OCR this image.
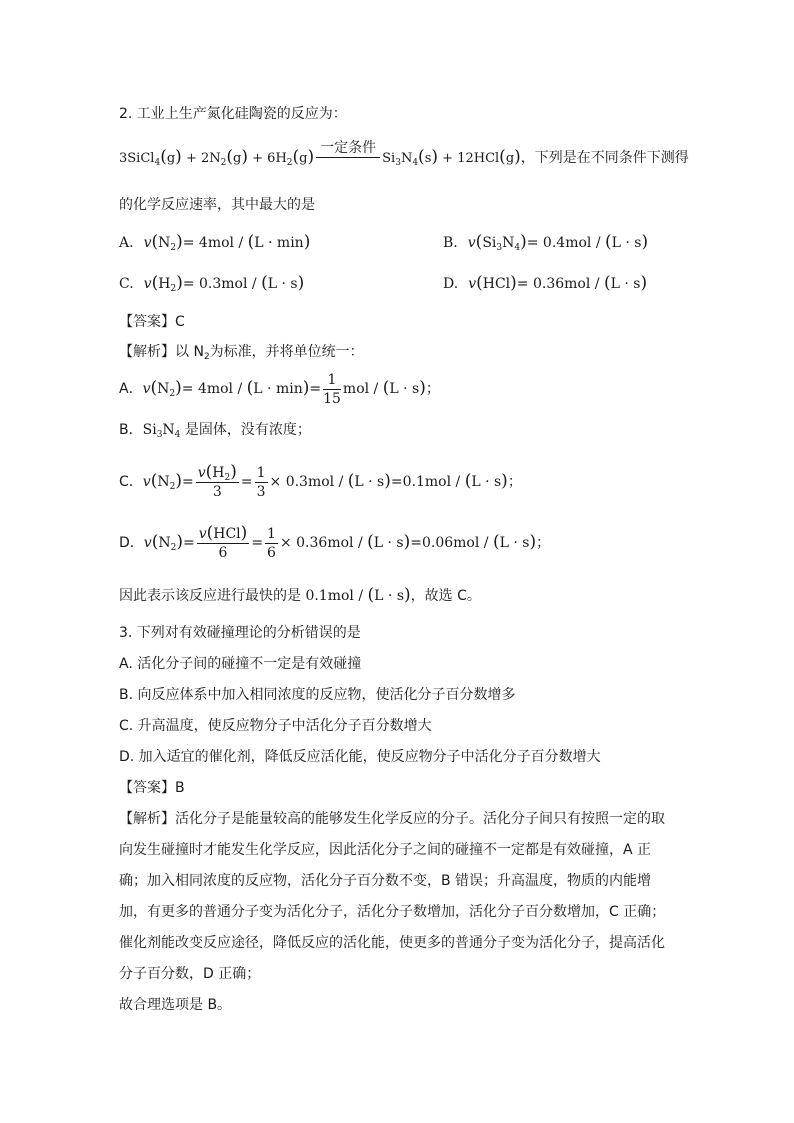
2. 工业上生产氮化硅陶瓷的反应为：
3SiCl$_4$(g) + $2N_2(g) + 6H_2(g)$ 一定条件
$Si_3N_4(s) + 12HCl(g)$，下列是在不同条件下测得
的化学反应速率，其中最大的是
A. $v(N_2)= 4mol / (L \cdot \min)$	B. $v(Si_3N_4)= 0.4mol / (L \cdot s)$
C. $v(H_2)= 0.3mol / (L \cdot s)$	D. v(HCl)= 0.36mol / (L · s)
【答案】C
【解析】以 $N_2$为标准，并将单位统一：
A．$v(N_2)= 4mol / (L \cdot \min)= \frac{1}{15}$ mol / (L · s)；
B．$Si_3N_4$ 是固体，没有浓度；
C．$v(N_2)= \frac{v(H_2)}{3} = \frac{1}{3} \times 0.3mol / (L \cdot s)=0.1mol / (L \cdot s)$；
D．$v(N_2)= \frac{\text{v(HCl)}}{6} = \frac{1}{6} \times 0.36mol / (L \cdot s)=0.06mol / (L \cdot s)$；
因此表示该反应进行最快的是 0.1mol / (L · s)，故选 C。
3. 下列对有效碰撞理论的分析错误的是
A. 活化分子间的碰撞不一定是有效碰撞
B. 向反应体系中加入相同浓度的反应物，使活化分子百分数增多
C. 升高温度，使反应物分子中活化分子百分数增大
D. 加入适宜的催化剂，降低反应活化能，使反应物分子中活化分子百分数增大
【答案】B
【解析】活化分子是能量较高的能够发生化学反应的分子。活化分子间只有按照一定的取
向发生碰撞时才能发生化学反应，因此活化分子之间的碰撞不一定都是有效碰撞，A 正
确；加入相同浓度的反应物，活化分子百分数不变，B 错误；升高温度，物质的内能增
加，有更多的普通分子变为活化分子，活化分子数增加，活化分子百分数增加，C 正确；
催化剂能改变反应途径，降低反应的活化能，使更多的普通分子变为活化分子，提高活化
分子百分数，D 正确；
故合理选项是 B。
